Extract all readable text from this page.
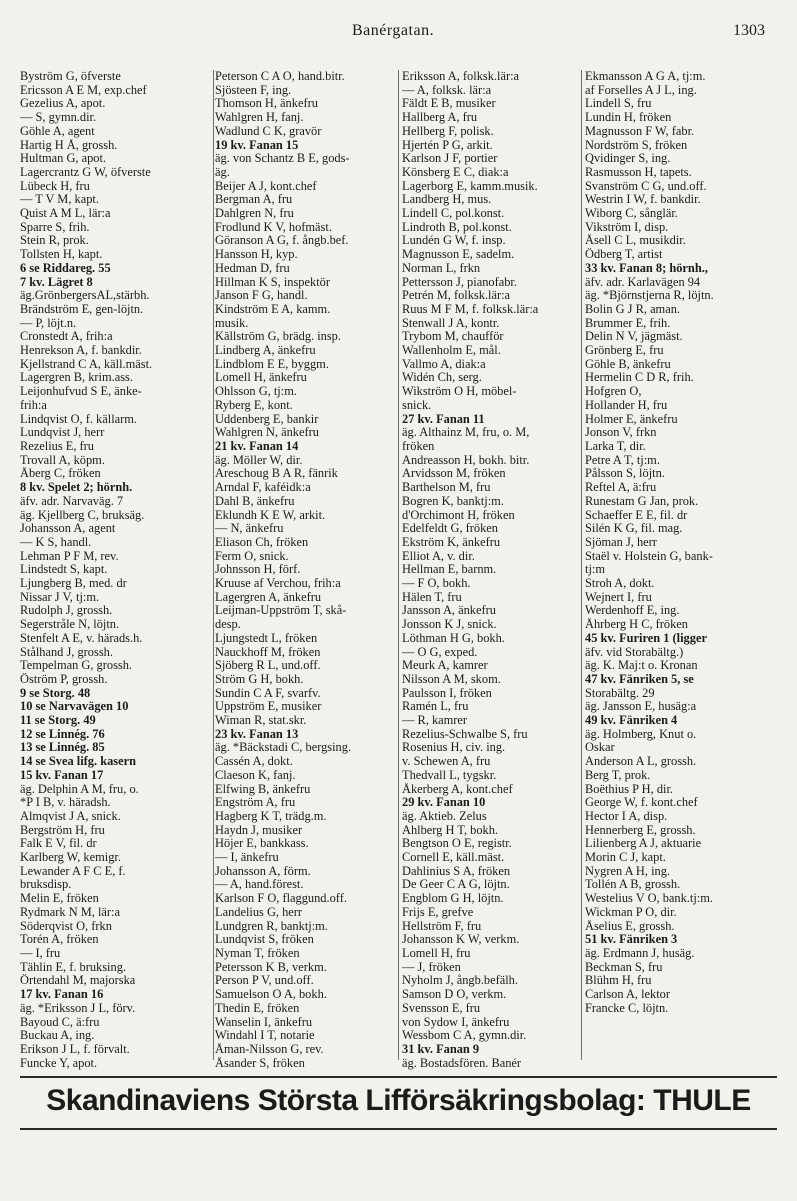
Banérgatan.	1303
Byström G, öfverste
Ericsson A E M, exp.chef
Gezelius A, apot.
— S, gymn.dir.
Göhle A, agent
Hartig H Å, grossh.
Hultman G, apot.
Lagercrantz G W, öfverste
Lübeck H, fru
— T V M, kapt.
Quist A M L, lär:a
Sparre S, frih.
Stein R, prok.
Tollsten H, kapt.
6 se Riddareg. 55
7 kv. Lägret 8
äg.GrönbergersAL,stärbh.
Brändström E, gen-löjtn.
— P, löjt.n.
Cronstedt A, frih:a
Henrekson A, f. bankdir.
Kjellstrand C A, käll.mäst.
Lagergren B, krim.ass.
Leijonhufvud S E, änke-
frih:a
Lindqvist O, f. källarm.
Lundqvist J, herr
Rezelius E, fru
Trovall A, köpm.
Åberg C, fröken
8 kv. Spelet 2; hörnh.
äfv. adr. Narvaväg. 7
äg. Kjellberg C, bruksäg.
Johansson A, agent
— K S, handl.
Lehman P F M, rev.
Lindstedt S, kapt.
Ljungberg B, med. dr
Nissar J V, tj:m.
Rudolph J, grossh.
Segerstråle N, löjtn.
Stenfelt A E, v. härads.h.
Stålhand J, grossh.
Tempelman G, grossh.
Öström P, grossh.
9 se Storg. 48
10 se Narvavägen 10
11 se Storg. 49
12 se Linnég. 76
13 se Linnég. 85
14 se Svea lifg. kasern
15 kv. Fanan 17
äg. Delphin A M, fru, o.
*P I B, v. häradsh.
Almqvist J A, snick.
Bergström H, fru
Falk E V, fil. dr
Karlberg W, kemigr.
Lewander A F C E, f.
bruksdisp.
Melin E, fröken
Rydmark N M, lär:a
Söderqvist O, frkn
Torén A, fröken
— I, fru
Tählin E, f. bruksing.
Örtendahl M, majorska
17 kv. Fanan 16
äg. *Eriksson J L, förv.
Bayoud C, ä:fru
Buckau A, ing.
Erikson J L, f. förvalt.
Funcke Y, apot.
Peterson C A O, hand.bitr.
Sjösteen F, ing.
Thomson H, änkefru
Wahlgren H, fanj.
Wadlund C K, gravör
19 kv. Fanan 15
äg. von Schantz B E, gods-
äg.
Beijer A J, kont.chef
Bergman A, fru
Dahlgren N, fru
Frodlund K V, hofmäst.
Göranson A G, f. ångb.bef.
Hansson H, kyp.
Hedman D, fru
Hillman K S, inspektör
Janson F G, handl.
Kindström E A, kamm.
musik.
Källström G, brädg. insp.
Lindberg A, änkefru
Lindblom E E, byggm.
Lomell H, änkefru
Ohlsson G, tj:m.
Ryberg E, kont.
Uddenberg E, bankir
Wahlgren N, änkefru
21 kv. Fanan 14
äg. Möller W, dir.
Areschoug B A R, fänrik
Arndal F, kaféidk:a
Dahl B, änkefru
Eklundh K E W, arkit.
— N, änkefru
Eliason Ch, fröken
Ferm O, snick.
Johnsson H, förf.
Kruuse af Verchou, frih:a
Lagergren A, änkefru
Leijman-Uppström T, skå-
desp.
Ljungstedt L, fröken
Nauckhoff M, fröken
Sjöberg R L, und.off.
Ström G H, bokh.
Sundin C A F, svarfv.
Uppström E, musiker
Wiman R, stat.skr.
23 kv. Fanan 13
äg. *Bäckstadi C, bergsing.
Cassén A, dokt.
Claeson K, fanj.
Elfwing B, änkefru
Engström A, fru
Hagberg K T, trädg.m.
Haydn J, musiker
Höjer E, bankkass.
— I, änkefru
Johansson A, förm.
— A, hand.förest.
Karlson F O, flaggund.off.
Landelius G, herr
Lundgren R, banktj:m.
Lundqvist S, fröken
Nyman T, fröken
Petersson K B, verkm.
Person P V, und.off.
Samuelson O A, bokh.
Thedin E, fröken
Wanselin I, änkefru
Windahl I T, notarie
Åman-Nilsson G, rev.
Åsander S, fröken
Eriksson A, folksk.lär:a
— A, folksk. lär:a
Fäldt E B, musiker
Hallberg A, fru
Hellberg F, polisk.
Hjertén P G, arkit.
Karlson J F, portier
Könsberg E C, diak:a
Lagerborg E, kamm.musik.
Landberg H, mus.
Lindell C, pol.konst.
Lindroth B, pol.konst.
Lundén G W, f. insp.
Magnusson E, sadelm.
Norman L, frkn
Pettersson J, pianofabr.
Petrén M, folksk.lär:a
Ruus M F M, f. folksk.lär:a
Stenwall J A, kontr.
Trybom M, chaufför
Wallenholm E, mål.
Vallmo A, diak:a
Widén Ch, serg.
Wikström O H, möbel-
snick.
27 kv. Fanan 11
äg. Althainz M, fru, o. M,
fröken
Andreasson H, bokh. bitr.
Arvidsson M, fröken
Barthelson M, fru
Bogren K, banktj:m.
d'Orchimont H, fröken
Edelfeldt G, fröken
Ekström K, änkefru
Elliot A, v. dir.
Hellman E, barnm.
— F O, bokh.
Hälen T, fru
Jansson A, änkefru
Jonsson K J, snick.
Löthman H G, bokh.
— O G, exped.
Meurk A, kamrer
Nilsson A M, skom.
Paulsson I, fröken
Ramén L, fru
— R, kamrer
Rezelius-Schwalbe S, fru
Rosenius H, civ. ing.
v. Schewen A, fru
Thedvall L, tygskr.
Åkerberg A, kont.chef
29 kv. Fanan 10
äg. Aktieb. Zelus
Ahlberg H T, bokh.
Bengtson O E, registr.
Cornell E, käll.mäst.
Dahlinius S A, fröken
De Geer C A G, löjtn.
Engblom G H, löjtn.
Frijs E, grefve
Hellström F, fru
Johansson K W, verkm.
Lomell H, fru
— J, fröken
Nyholm J, ångb.befälh.
Samson D O, verkm.
Svensson E, fru
von Sydow I, änkefru
Wessbom C A, gymn.dir.
31 kv. Fanan 9
äg. Bostadsfören. Banér
Ekmansson A G A, tj:m.
af Forselles A J L, ing.
Lindell S, fru
Lundin H, fröken
Magnusson F W, fabr.
Nordström S, fröken
Qvidinger S, ing.
Rasmusson H, tapets.
Svanström C G, und.off.
Westrin I W, f. bankdir.
Wiborg C, sånglär.
Vikström I, disp.
Åsell C L, musikdir.
Ödberg T, artist
33 kv. Fanan 8; hörnh.,
äfv. adr. Karlavägen 94
äg. *Björnstjerna R, löjtn.
Bolin G J R, aman.
Brummer E, frih.
Delin N V, jägmäst.
Grönberg E, fru
Göhle B, änkefru
Hermelin C D R, frih.
Hofgren O,
Hollander H, fru
Holmer E, änkefru
Jonson V, frkn
Larka T, dir.
Petre A T, tj:m.
Pålsson S, löjtn.
Reftel A, ä:fru
Runestam G Jan, prok.
Schaeffer E E, fil. dr
Silén K G, fil. mag.
Sjöman J, herr
Staël v. Holstein G, bank-
tj:m
Stroh A, dokt.
Wejnert I, fru
Werdenhoff E, ing.
Åhrberg H C, fröken
45 kv. Furiren 1 (ligger
äfv. vid Storabältg.)
äg. K. Maj:t o. Kronan
47 kv. Fänriken 5, se
Storabältg. 29
äg. Jansson E, husäg:a
49 kv. Fänriken 4
äg. Holmberg, Knut o.
Oskar
Anderson A L, grossh.
Berg T, prok.
Boëthius P H, dir.
George W, f. kont.chef
Hector I A, disp.
Hennerberg E, grossh.
Lilienberg A J, aktuarie
Morin C J, kapt.
Nygren A H, ing.
Tollén A B, grossh.
Westelius V O, bank.tj:m.
Wickman P O, dir.
Åselius E, grossh.
51 kv. Fänriken 3
äg. Erdmann J, husäg.
Beckman S, fru
Blühm H, fru
Carlson A, lektor
Francke C, löjtn.
Skandinaviens Största Lifförsäkringsbolag: THULE
